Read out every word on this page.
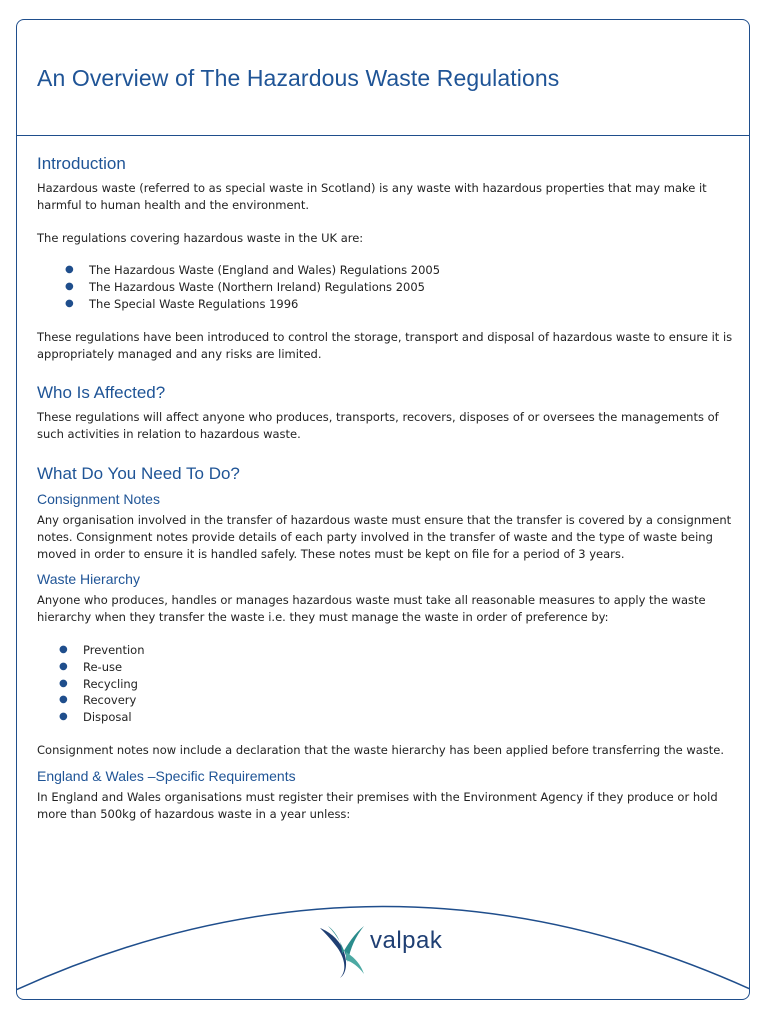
An Overview of The Hazardous Waste Regulations
Introduction

Hazardous waste (referred to as special waste in Scotland) is any waste with hazardous properties that may make it harmful to human health and the environment.

The regulations covering hazardous waste in the UK are:

● The Hazardous Waste (England and Wales) Regulations 2005
● The Hazardous Waste (Northern Ireland) Regulations 2005
● The Special Waste Regulations 1996

These regulations have been introduced to control the storage, transport and disposal of hazardous waste to ensure it is appropriately managed and any risks are limited.

Who Is Affected?

These regulations will affect anyone who produces, transports, recovers, disposes of or oversees the managements of such activities in relation to hazardous waste.

What Do You Need To Do?
Consignment Notes

Any organisation involved in the transfer of hazardous waste must ensure that the transfer is covered by a consignment notes. Consignment notes provide details of each party involved in the transfer of waste and the type of waste being moved in order to ensure it is handled safely. These notes must be kept on file for a period of 3 years.

Waste Hierarchy

Anyone who produces, handles or manages hazardous waste must take all reasonable measures to apply the waste hierarchy when they transfer the waste i.e. they must manage the waste in order of preference by:

● Prevention
● Re-use
● Recycling
● Recovery
● Disposal

Consignment notes now include a declaration that the waste hierarchy has been applied before transferring the waste.

England & Wales –Specific Requirements

In England and Wales organisations must register their premises with the Environment Agency if they produce or hold more than 500kg of hazardous waste in a year unless:

valpak
